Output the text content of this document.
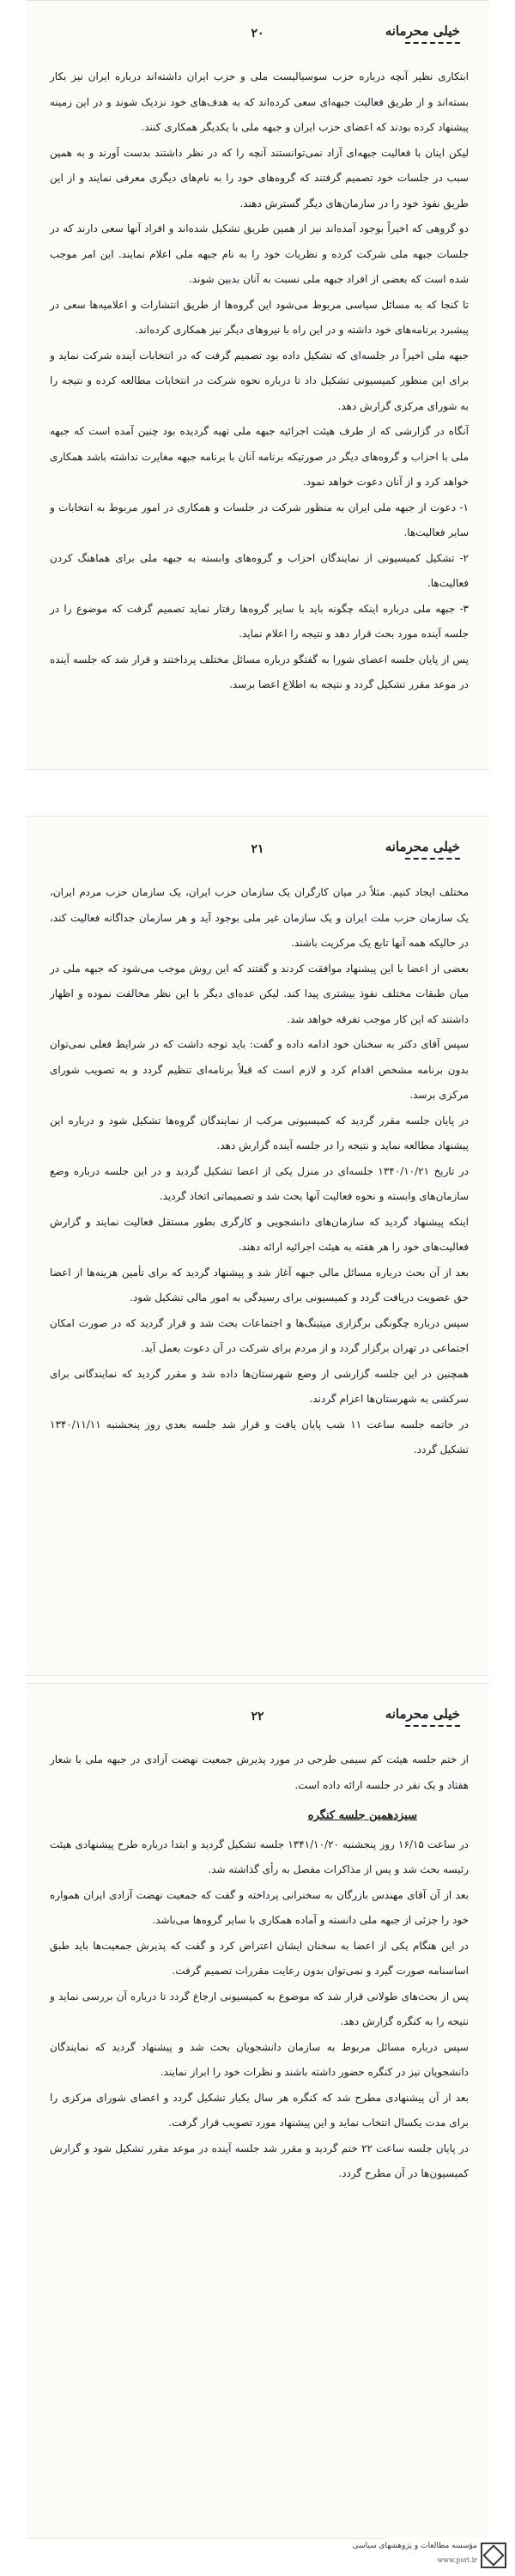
خیلی محرمانه
۲۰

ابتکاری نظیر آنچه درباره حزب سوسیالیست ملی و حزب ایران داشته‌اند درباره ایران نیز بکار بسته‌اند و از طریق فعالیت جبهه‌ای سعی کرده‌اند که به هدف‌های خود نزدیک شوند و در این زمینه پیشنهاد کرده بودند که اعضای حزب ایران و جبهه ملی با یکدیگر همکاری کنند.

لیکن اینان با فعالیت جبهه‌ای آزاد نمی‌توانستند آنچه را که در نظر داشتند بدست آورند و به همین سبب در جلسات خود تصمیم گرفتند که گروه‌های خود را به نام‌های دیگری معرفی نمایند و از این طریق نفوذ خود را در سازمان‌های دیگر گسترش دهند.

دو گروهی که اخیراً بوجود آمده‌اند نیز از همین طریق تشکیل شده‌اند و افراد آنها سعی دارند که در جلسات جبهه ملی شرکت کرده و نظریات خود را به نام جبهه ملی اعلام نمایند. این امر موجب شده است که بعضی از افراد جبهه ملی نسبت به آنان بدبین شوند.

تا کنجا که به مسائل سیاسی مربوط می‌شود این گروه‌ها از طریق انتشارات و اعلامیه‌ها سعی در پیشبرد برنامه‌های خود داشته و در این راه با نیروهای دیگر نیز همکاری کرده‌اند.

جبهه ملی اخیراً در جلسه‌ای که تشکیل داده بود تصمیم گرفت که در انتخابات آینده شرکت نماید و برای این منظور کمیسیونی تشکیل داد تا درباره نحوه شرکت در انتخابات مطالعه کرده و نتیجه را به شورای مرکزی گزارش دهد.

آنگاه در گزارشی که از طرف هیئت اجرائیه جبهه ملی تهیه گردیده بود چنین آمده است که جبهه ملی با احزاب و گروه‌های دیگر در صورتیکه برنامه آنان با برنامه جبهه مغایرت نداشته باشد همکاری خواهد کرد و از آنان دعوت خواهد نمود.

۱- دعوت از جبهه ملی ایران به منظور شرکت در جلسات و همکاری در امور مربوط به انتخابات و سایر فعالیت‌ها.

۲- تشکیل کمیسیونی از نمایندگان احزاب و گروه‌های وابسته به جبهه ملی برای هماهنگ کردن فعالیت‌ها.

۳- جبهه ملی درباره اینکه چگونه باید با سایر گروه‌ها رفتار نماید تصمیم گرفت که موضوع را در جلسه آینده مورد بحث قرار دهد و نتیجه را اعلام نماید.

پس از پایان جلسه اعضای شورا به گفتگو درباره مسائل مختلف پرداختند و قرار شد که جلسه آینده در موعد مقرر تشکیل گردد و نتیجه به اطلاع اعضا برسد.

خیلی محرمانه
۲۱

مختلف ایجاد کنیم. مثلاً در میان کارگران یک سازمان حزب ایران، یک سازمان حزب مردم ایران، یک سازمان حزب ملت ایران و یک سازمان غیر ملی بوجود آید و هر سازمان جداگانه فعالیت کند، در حالیکه همه آنها تابع یک مرکزیت باشند.

بعضی از اعضا با این پیشنهاد موافقت کردند و گفتند که این روش موجب می‌شود که جبهه ملی در میان طبقات مختلف نفوذ بیشتری پیدا کند. لیکن عده‌ای دیگر با این نظر مخالفت نموده و اظهار داشتند که این کار موجب تفرقه خواهد شد.

سپس آقای دکتر به سخنان خود ادامه داده و گفت: باید توجه داشت که در شرایط فعلی نمی‌توان بدون برنامه مشخص اقدام کرد و لازم است که قبلاً برنامه‌ای تنظیم گردد و به تصویب شورای مرکزی برسد.

در پایان جلسه مقرر گردید که کمیسیونی مرکب از نمایندگان گروه‌ها تشکیل شود و درباره این پیشنهاد مطالعه نماید و نتیجه را در جلسه آینده گزارش دهد.

در تاریخ ۱۳۴۰/۱۰/۲۱ جلسه‌ای در منزل یکی از اعضا تشکیل گردید و در این جلسه درباره وضع سازمان‌های وابسته و نحوه فعالیت آنها بحث شد و تصمیماتی اتخاذ گردید.

اینکه پیشنهاد گردید که سازمان‌های دانشجویی و کارگری بطور مستقل فعالیت نمایند و گزارش فعالیت‌های خود را هر هفته به هیئت اجرائیه ارائه دهند.

بعد از آن بحث درباره مسائل مالی جبهه آغاز شد و پیشنهاد گردید که برای تأمین هزینه‌ها از اعضا حق عضویت دریافت گردد و کمیسیونی برای رسیدگی به امور مالی تشکیل شود.

سپس درباره چگونگی برگزاری میتینگ‌ها و اجتماعات بحث شد و قرار گردید که در صورت امکان اجتماعی در تهران برگزار گردد و از مردم برای شرکت در آن دعوت بعمل آید.

همچنین در این جلسه گزارشی از وضع شهرستان‌ها داده شد و مقرر گردید که نمایندگانی برای سرکشی به شهرستان‌ها اعزام گردند.

در خاتمه جلسه ساعت ۱۱ شب پایان یافت و قرار شد جلسه بعدی روز پنجشنبه ۱۳۴۰/۱۱/۱۱ تشکیل گردد.

خیلی محرمانه
۲۲

از ختم جلسه هیئت کم سیمی طرحی در مورد پذیرش جمعیت نهضت آزادی در جبهه ملی با شعار هفتاد و یک نفر در جلسه ارائه داده است.

سیزدهمین جلسه کنگره

در ساعت ۱۶/۱۵ روز پنجشنبه ۱۳۴۱/۱۰/۲۰ جلسه تشکیل گردید و ابتدا درباره طرح پیشنهادی هیئت رئیسه بحث شد و پس از مذاکرات مفصل به رأی گذاشته شد.

بعد از آن آقای مهندس بازرگان به سخنرانی پرداخته و گفت که جمعیت نهضت آزادی ایران همواره خود را جزئی از جبهه ملی دانسته و آماده همکاری با سایر گروه‌ها می‌باشد.

در این هنگام یکی از اعضا به سخنان ایشان اعتراض کرد و گفت که پذیرش جمعیت‌ها باید طبق اساسنامه صورت گیرد و نمی‌توان بدون رعایت مقررات تصمیم گرفت.

پس از بحث‌های طولانی قرار شد که موضوع به کمیسیونی ارجاع گردد تا درباره آن بررسی نماید و نتیجه را به کنگره گزارش دهد.

سپس درباره مسائل مربوط به سازمان دانشجویان بحث شد و پیشنهاد گردید که نمایندگان دانشجویان نیز در کنگره حضور داشته باشند و نظرات خود را ابراز نمایند.

بعد از آن پیشنهادی مطرح شد که کنگره هر سال یکبار تشکیل گردد و اعضای شورای مرکزی را برای مدت یکسال انتخاب نماید و این پیشنهاد مورد تصویب قرار گرفت.

در پایان جلسه ساعت ۲۲ ختم گردید و مقرر شد جلسه آینده در موعد مقرر تشکیل شود و گزارش کمیسیون‌ها در آن مطرح گردد.

مؤسسه مطالعات و پژوهشهای سیاسی
www.psri.ir
